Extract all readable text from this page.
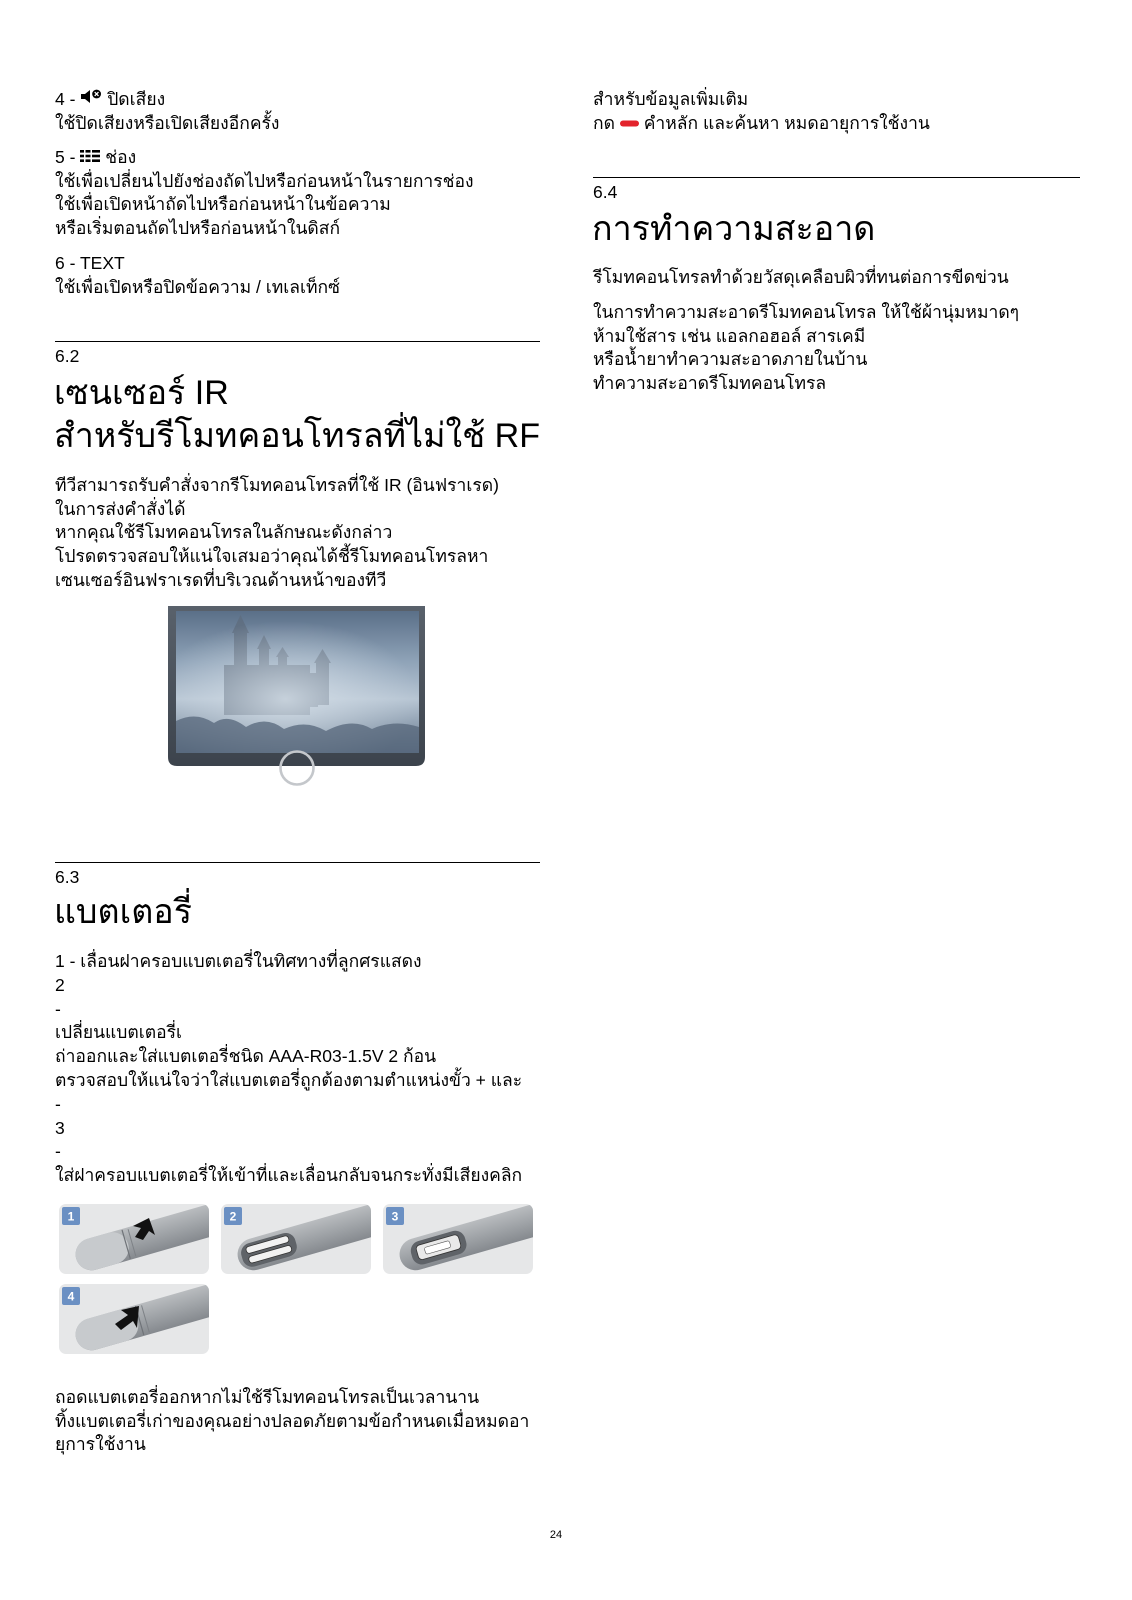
4 - ปิดเสียง
ใช้ปิดเสียงหรือเปิดเสียงอีกครั้ง
5 - ช่อง
ใช้เพื่อเปลี่ยนไปยังช่องถัดไปหรือก่อนหน้าในรายการช่อง
ใช้เพื่อเปิดหน้าถัดไปหรือก่อนหน้าในข้อความ
หรือเริ่มตอนถัดไปหรือก่อนหน้าในดิสก์
6 - TEXT
ใช้เพื่อเปิดหรือปิดข้อความ / เทเลเท็กซ์
6.2
เซนเซอร์ IR
สำหรับรีโมทคอนโทรลที่ไม่ใช้ RF
ทีวีสามารถรับคำสั่งจากรีโมทคอนโทรลที่ใช้ IR (อินฟราเรด)
ในการส่งคำสั่งได้
หากคุณใช้รีโมทคอนโทรลในลักษณะดังกล่าว
โปรดตรวจสอบให้แน่ใจเสมอว่าคุณได้ชี้รีโมทคอนโทรลหา
เซนเซอร์อินฟราเรดที่บริเวณด้านหน้าของทีวี
6.3
แบตเตอรี่
1 - เลื่อนฝาครอบแบตเตอรี่ในทิศทางที่ลูกศรแสดง
2
-
เปลี่ยนแบตเตอรี่เ
ถ่าออกและใส่แบตเตอรี่ชนิด AAA-R03-1.5V 2 ก้อน
ตรวจสอบให้แน่ใจว่าใส่แบตเตอรี่ถูกต้องตามตำแหน่งขั้ว + และ
-
3
-
ใส่ฝาครอบแบตเตอรี่ให้เข้าที่และเลื่อนกลับจนกระทั่งมีเสียงคลิก
1	2	3
4
ถอดแบตเตอรี่ออกหากไม่ใช้รีโมทคอนโทรลเป็นเวลานาน
ทิ้งแบตเตอรี่เก่าของคุณอย่างปลอดภัยตามข้อกำหนดเมื่อหมดอา
ยุการใช้งาน
สำหรับข้อมูลเพิ่มเติม
กด คำหลัก และค้นหา หมดอายุการใช้งาน
6.4
การทำความสะอาด
รีโมทคอนโทรลทำด้วยวัสดุเคลือบผิวที่ทนต่อการขีดข่วน
ในการทำความสะอาดรีโมทคอนโทรล ให้ใช้ผ้านุ่มหมาดๆ
ห้ามใช้สาร เช่น แอลกอฮอล์ สารเคมี
หรือน้ำยาทำความสะอาดภายในบ้าน
ทำความสะอาดรีโมทคอนโทรล
24
